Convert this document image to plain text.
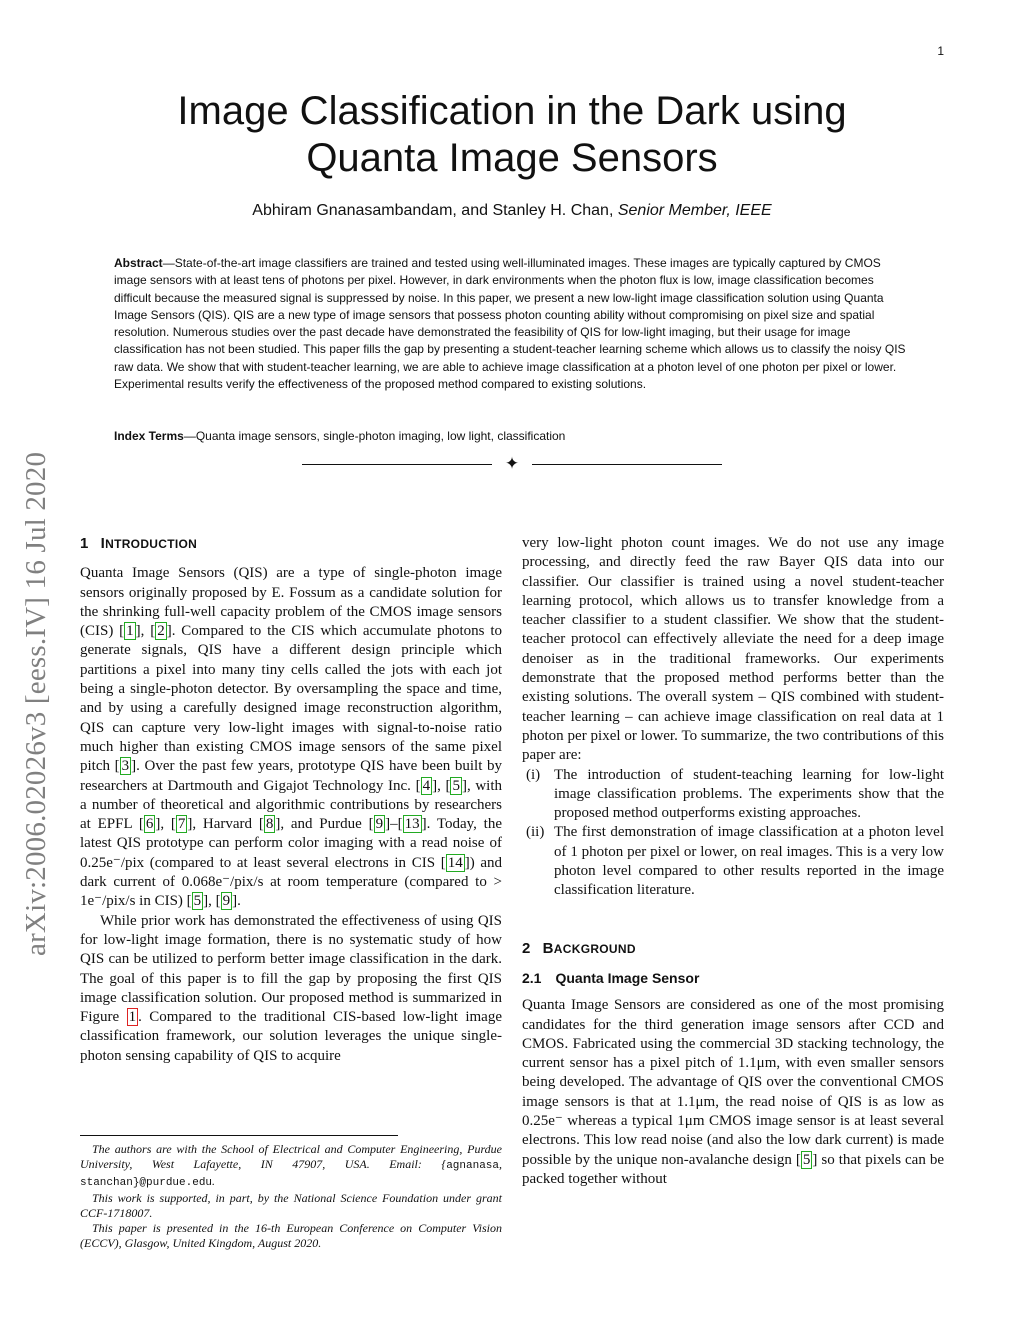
1
Image Classification in the Dark using Quanta Image Sensors
Abhiram Gnanasambandam, and Stanley H. Chan, Senior Member, IEEE

Abstract—State-of-the-art image classifiers are trained and tested using well-illuminated images. These images are typically captured by CMOS image sensors with at least tens of photons per pixel. However, in dark environments when the photon flux is low, image classification becomes difficult because the measured signal is suppressed by noise. In this paper, we present a new low-light image classification solution using Quanta Image Sensors (QIS). QIS are a new type of image sensors that possess photon counting ability without compromising on pixel size and spatial resolution. Numerous studies over the past decade have demonstrated the feasibility of QIS for low-light imaging, but their usage for image classification has not been studied. This paper fills the gap by presenting a student-teacher learning scheme which allows us to classify the noisy QIS raw data. We show that with student-teacher learning, we are able to achieve image classification at a photon level of one photon per pixel or lower. Experimental results verify the effectiveness of the proposed method compared to existing solutions.

Index Terms—Quanta image sensors, single-photon imaging, low light, classification

✦
arXiv:2006.02026v3 [eess.IV] 16 Jul 2020 1 INTRODUCTION

Quanta Image Sensors (QIS) are a type of single-photon image sensors originally proposed by E. Fossum as a candidate solution for the shrinking full-well capacity problem of the CMOS image sensors (CIS) [ 1 ], [ 2 ]. Compared to the CIS which accumulate photons to generate signals, QIS have a different design principle which partitions a pixel into many tiny cells called the jots with each jot being a single-photon detector. By oversampling the space and time, and by using a carefully designed image reconstruction algorithm, QIS can capture very low-light images with signal-to-noise ratio much higher than existing CMOS image sensors of the same pixel pitch [ 3 ]. Over the past few years, prototype QIS have been built by researchers at Dartmouth and Gigajot Technology Inc. [ 4 ], [ 5 ], with a number of theoretical and algorithmic contributions by researchers at EPFL [ 6 ], [ 7 ], Harvard [ 8 ], and Purdue [ 9 ]–[ 13 ]. Today, the latest QIS prototype can perform color imaging with a read noise of 0.25e⁻/pix (compared to at least several electrons in CIS [ 14 ]) and dark current of 0.068e⁻/pix/s at room temperature (compared to > 1e⁻/pix/s in CIS) [ 5 ], [ 9 ].

While prior work has demonstrated the effectiveness of using QIS for low-light image formation, there is no systematic study of how QIS can be utilized to perform better image classification in the dark. The goal of this paper is to fill the gap by proposing the first QIS image classification solution. Our proposed method is summarized in Figure 1 . Compared to the traditional CIS-based low-light image classification framework, our solution leverages the unique single-photon sensing capability of QIS to acquire

The authors are with the School of Electrical and Computer Engineering, Purdue University, West Lafayette, IN 47907, USA. Email: {agnanasa, stanchan}@purdue.edu.

This work is supported, in part, by the National Science Foundation under grant CCF-1718007.

This paper is presented in the 16-th European Conference on Computer Vision (ECCV), Glasgow, United Kingdom, August 2020.

very low-light photon count images. We do not use any image processing, and directly feed the raw Bayer QIS data into our classifier. Our classifier is trained using a novel student-teacher learning protocol, which allows us to transfer knowledge from a teacher classifier to a student classifier. We show that the student-teacher protocol can effectively alleviate the need for a deep image denoiser as in the traditional frameworks. Our experiments demonstrate that the proposed method performs better than the existing solutions. The overall system – QIS combined with student-teacher learning – can achieve image classification on real data at 1 photon per pixel or lower. To summarize, the two contributions of this paper are:

(i) The introduction of student-teaching learning for low-light image classification problems. The experiments show that the proposed method outperforms existing approaches.
(ii) The first demonstration of image classification at a photon level of 1 photon per pixel or lower, on real images. This is a very low photon level compared to other results reported in the image classification literature.
2 BACKGROUND
2.1 Quanta Image Sensor

Quanta Image Sensors are considered as one of the most promising candidates for the third generation image sensors after CCD and CMOS. Fabricated using the commercial 3D stacking technology, the current sensor has a pixel pitch of 1.1μm, with even smaller sensors being developed. The advantage of QIS over the conventional CMOS image sensors is that at 1.1μm, the read noise of QIS is as low as 0.25e⁻ whereas a typical 1μm CMOS image sensor is at least several electrons. This low read noise (and also the low dark current) is made possible by the unique non-avalanche design [ 5 ] so that pixels can be packed together without
